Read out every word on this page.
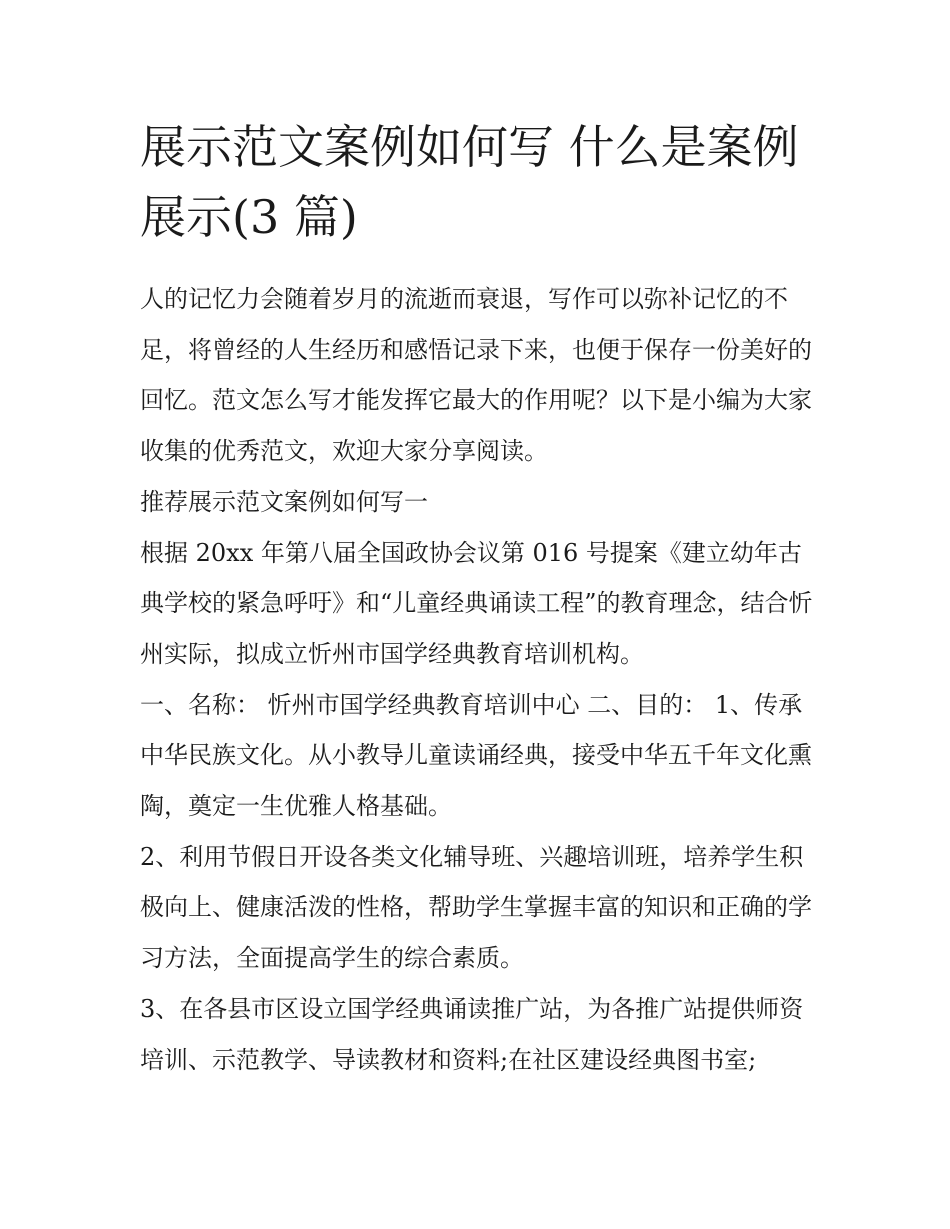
展示范文案例如何写 什么是案例展示(3 篇)

人的记忆力会随着岁月的流逝而衰退，写作可以弥补记忆的不足，将曾经的人生经历和感悟记录下来，也便于保存一份美好的回忆。范文怎么写才能发挥它最大的作用呢？以下是小编为大家收集的优秀范文，欢迎大家分享阅读。

推荐展示范文案例如何写一

根据 20xx 年第八届全国政协会议第 016 号提案《建立幼年古典学校的紧急呼吁》和“儿童经典诵读工程”的教育理念，结合忻州实际，拟成立忻州市国学经典教育培训机构。

一、名称： 忻州市国学经典教育培训中心 二、目的： 1、传承中华民族文化。从小教导儿童读诵经典，接受中华五千年文化熏陶，奠定一生优雅人格基础。

2、利用节假日开设各类文化辅导班、兴趣培训班，培养学生积极向上、健康活泼的性格，帮助学生掌握丰富的知识和正确的学习方法，全面提高学生的综合素质。

3、在各县市区设立国学经典诵读推广站，为各推广站提供师资培训、示范教学、导读教材和资料;在社区建设经典图书室;
